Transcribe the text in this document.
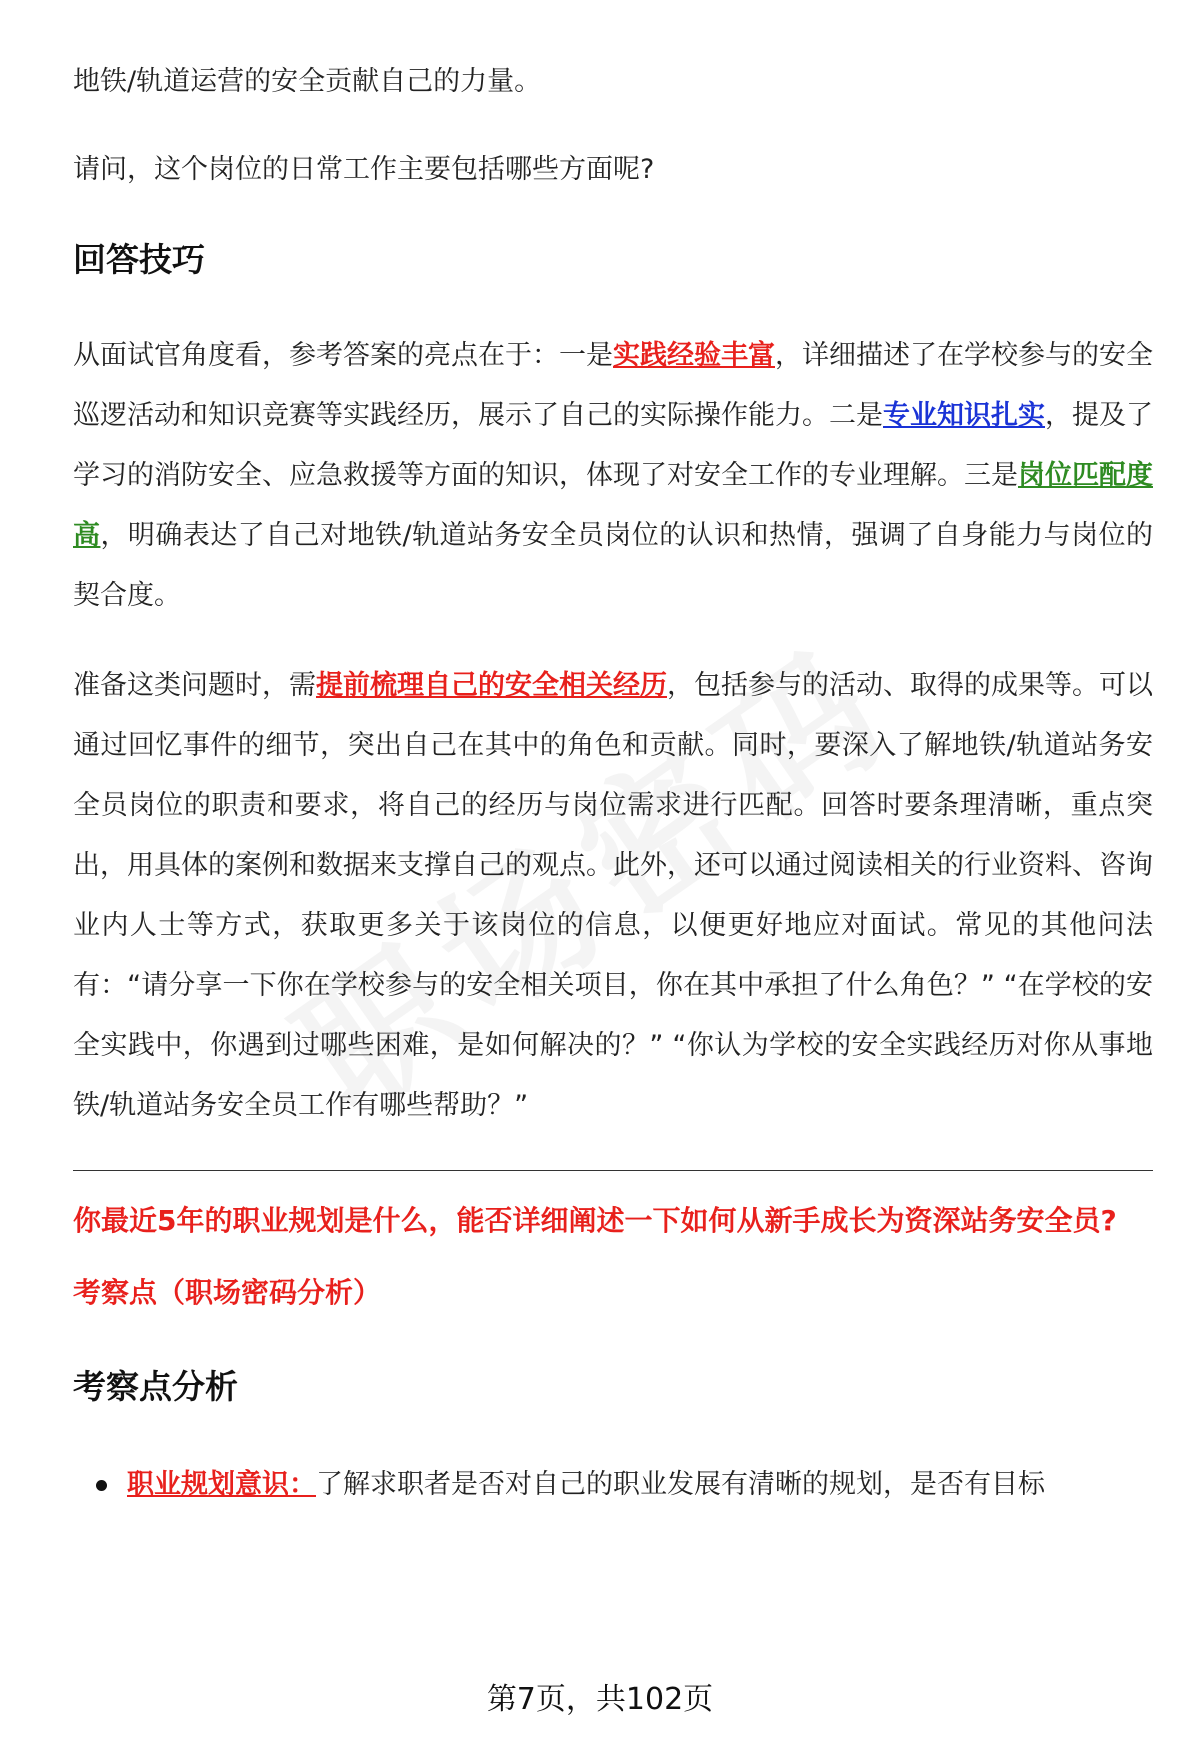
地铁/轨道运营的安全贡献自己的力量。

请问，这个岗位的日常工作主要包括哪些方面呢?

回答技巧

从面试官角度看，参考答案的亮点在于：一是实践经验丰富，详细描述了在学校参与的安全巡逻活动和知识竞赛等实践经历，展示了自己的实际操作能力。二是专业知识扎实，提及了学习的消防安全、应急救援等方面的知识，体现了对安全工作的专业理解。三是岗位匹配度高，明确表达了自己对地铁/轨道站务安全员岗位的认识和热情，强调了自身能力与岗位的契合度。

准备这类问题时，需提前梳理自己的安全相关经历，包括参与的活动、取得的成果等。可以通过回忆事件的细节，突出自己在其中的角色和贡献。同时，要深入了解地铁/轨道站务安全员岗位的职责和要求，将自己的经历与岗位需求进行匹配。回答时要条理清晰，重点突出，用具体的案例和数据来支撑自己的观点。此外，还可以通过阅读相关的行业资料、咨询业内人士等方式，获取更多关于该岗位的信息，以便更好地应对面试。常见的其他问法有：“请分享一下你在学校参与的安全相关项目，你在其中承担了什么角色？” “在学校的安全实践中，你遇到过哪些困难，是如何解决的？” “你认为学校的安全实践经历对你从事地铁/轨道站务安全员工作有哪些帮助？”

你最近5年的职业规划是什么，能否详细阐述一下如何从新手成长为资深站务安全员?

考察点（职场密码分析）

考察点分析
职业规划意识：了解求职者是否对自己的职业发展有清晰的规划，是否有目标
第7页，共102页
